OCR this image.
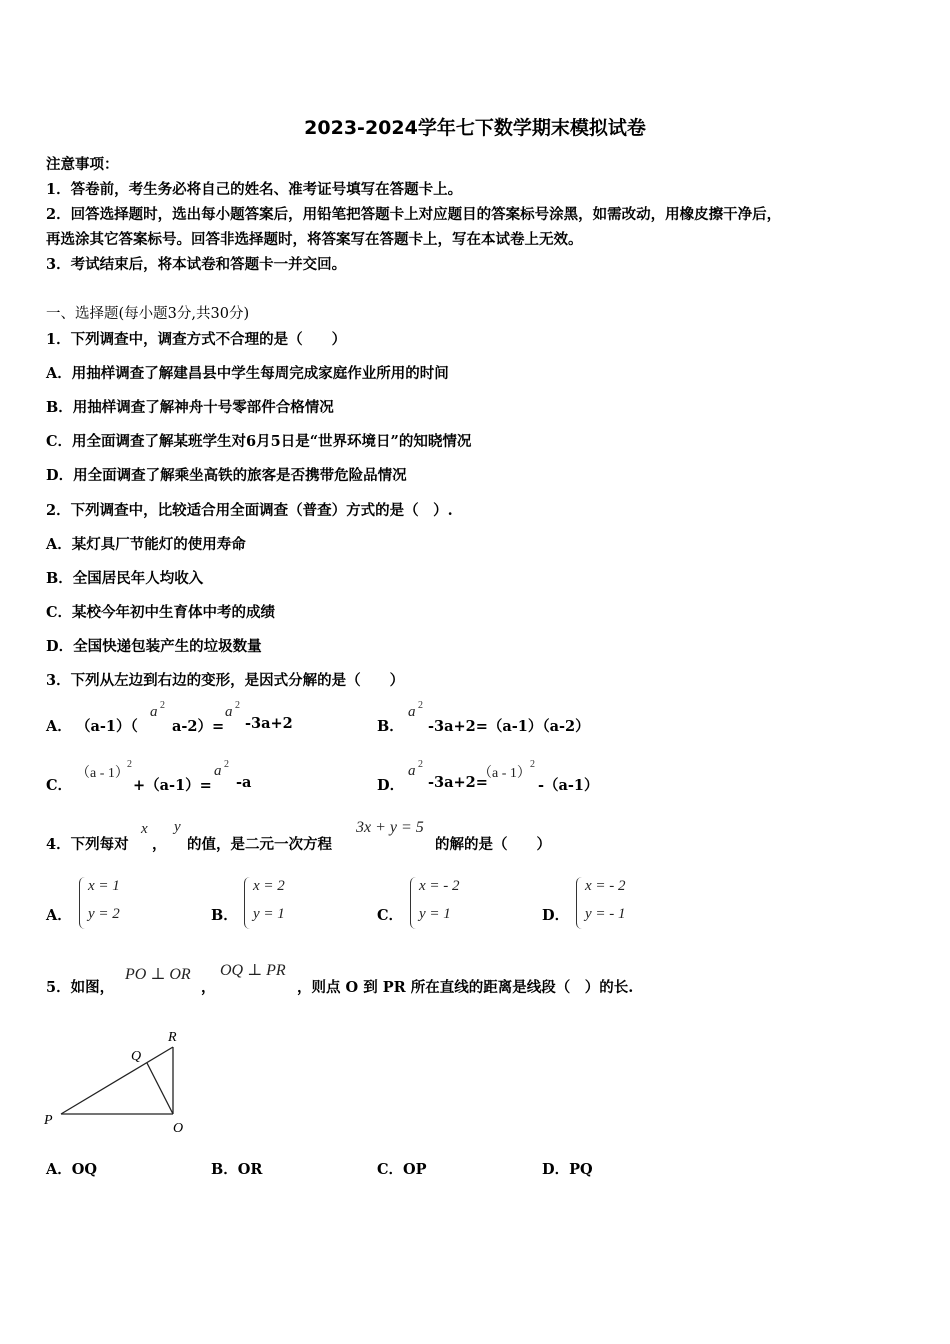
2023-2024学年七下数学期末模拟试卷
注意事项：
1．答卷前，考生务必将自己的姓名、准考证号填写在答题卡上。
2．回答选择题时，选出每小题答案后，用铅笔把答题卡上对应题目的答案标号涂黑，如需改动，用橡皮擦干净后，
再选涂其它答案标号。回答非选择题时，将答案写在答题卡上，写在本试卷上无效。
3．考试结束后，将本试卷和答题卡一并交回。
一、选择题(每小题3分,共30分)
1．下列调查中，调查方式不合理的是（　　）
A．用抽样调查了解建昌县中学生每周完成家庭作业所用的时间
B．用抽样调查了解神舟十号零部件合格情况
C．用全面调查了解某班学生对6月5日是“世界环境日”的知晓情况
D．用全面调查了解乘坐高铁的旅客是否携带危险品情况
2．下列调查中，比较适合用全面调查（普查）方式的是（　）.
A．某灯具厂节能灯的使用寿命
B．全国居民年人均收入
C．某校今年初中生育体中考的成绩
D．全国快递包装产生的垃圾数量
3．下列从左边到右边的变形，是因式分解的是（　　）
A． （a-1）（
a 2
a-2）=
a 2
-3a+2	B．
a 2
-3a+2=（a-1）（a-2）
C．
（a - 1）
2
+（a-1）=
a 2
-a	D．
a 2
-3a+2=
（a - 1）
2
-（a-1）
4．下列每对
x
，
y
的值，是二元一次方程
3x + y = 5
的解的是（　　）
A．
x = 1
y = 2	B．
x = 2
y = 1	C．
x = - 2
y = 1	D．
x = - 2
y = - 1
5．如图，
PO ⊥ OR
，
OQ ⊥ PR
，则点 O 到 PR 所在直线的距离是线段（　）的长.
P
Q
R
O
A．OQ	B．OR	C．OP	D．PQ
